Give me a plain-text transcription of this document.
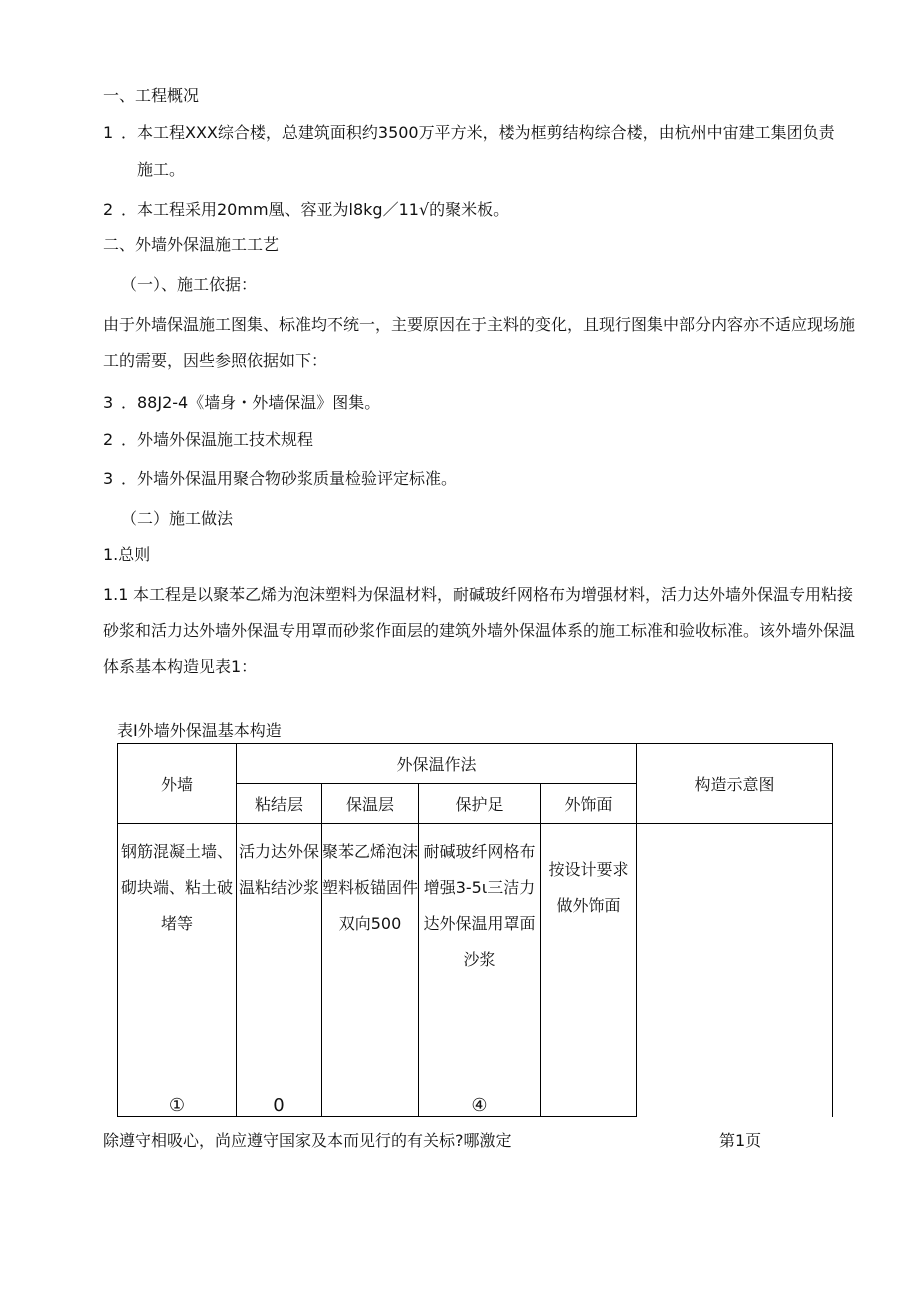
一、工程概况
1 ．本工程XXX综合楼，总建筑面积约3500万平方米，楼为框剪结构综合楼，由杭州中宙建工集团负责
施工。
2 ．本工程采用20mm凰、容亚为l8kg／11√的聚米板。
二、外墙外保温施工工艺
（一）、施工依据：
由于外墙保温施工图集、标准均不统一，主要原因在于主料的变化，且现行图集中部分内容亦不适应现场施工的需要，因些参照依据如下：
3 ．88J2-4《墙身・外墙保温》图集。
2 ．外墙外保温施工技术规程
3 ．外墙外保温用聚合物砂浆质量检验评定标准。
（二）施工做法
1.总则
1.1 本工程是以聚苯乙烯为泡沫塑料为保温材料，耐碱玻纤网格布为增强材料，活力达外墙外保温专用粘接砂浆和活力达外墙外保温专用罩而砂浆作面层的建筑外墙外保温体系的施工标准和验收标准。该外墙外保温体系基本构造见表1：
表I外墙外保温基本构造
外墙	外保温作法				构造示意图
	粘结层	保温层	保护足	外饰面	

钢筋混凝土墙、砌块端、粘土破堵等	活力达外保温粘结沙浆	聚苯乙烯泡沫塑料板锚固件双向500	耐碱玻纤网格布增强3-5ι三洁力达外保温用罩面沙浆	按设计要求做外饰面	

①	0		④		
除遵守相吸心，尚应遵守国家及本而见行的有关标?哪激定	第1页
